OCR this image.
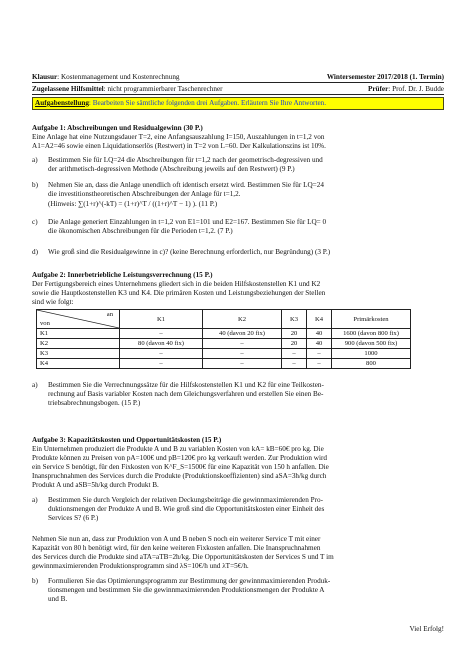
Klausur: Kostenmanagement und Kostenrechnung	Wintersemester 2017/2018 (1. Termin)
Zugelassene Hilfsmittel: nicht programmierbarer Taschenrechner	Prüfer: Prof. Dr. J. Budde
Aufgabenstellung: Bearbeiten Sie sämtliche folgenden drei Aufgaben. Erläutern Sie Ihre Antworten.
Aufgabe 1: Abschreibungen und Residualgewinn (30 P.)
Eine Anlage hat eine Nutzungsdauer T=2, eine Anfangsauszahlung I=150, Auszahlungen in t=1,2 von
A1=A2=46 sowie einen Liquidationserlös (Restwert) in T=2 von L=60. Der Kalkulationszins ist 10%.
a) Bestimmen Sie für LQ=24 die Abschreibungen für t=1,2 nach der geometrisch-degressiven und
der arithmetisch-degressiven Methode (Abschreibung jeweils auf den Restwert) (9 P.)
b) Nehmen Sie an, dass die Anlage unendlich oft identisch ersetzt wird. Bestimmen Sie für LQ=24
die investitionstheoretischen Abschreibungen der Anlage für t=1,2.
(Hinweis: ∑(1+r)^(-kT) = (1+r)^T / ((1+r)^T − 1) ). (11 P.)
c) Die Anlage generiert Einzahlungen in t=1,2 von E1=101 und E2=167. Bestimmen Sie für LQ= 0
die ökonomischen Abschreibungen für die Perioden t=1,2. (7 P.)
d) Wie groß sind die Residualgewinne in c)? (keine Berechnung erforderlich, nur Begründung) (3 P.)
Aufgabe 2: Innerbetriebliche Leistungsverrechnung (15 P.)
Der Fertigungsbereich eines Unternehmens gliedert sich in die beiden Hilfskostenstellen K1 und K2
sowie die Hauptkostenstellen K3 und K4. Die primären Kosten und Leistungsbeziehungen der Stellen
sind wie folgt:
an
von	K1	K2	K3	K4	Primärkosten
K1	–	40 (davon 20 fix)	20	40	1600 (davon 800 fix)
K2	80 (davon 40 fix)	–	20	40	900 (davon 500 fix)
K3	–	–	–	–	1000
K4	–	–	–	–	800
a) Bestimmen Sie die Verrechnungssätze für die Hilfskostenstellen K1 und K2 für eine Teilkosten-
rechnung auf Basis variabler Kosten nach dem Gleichungsverfahren und erstellen Sie einen Be-
triebsabrechnungsbogen. (15 P.)
Aufgabe 3: Kapazitätskosten und Opportunitätskosten (15 P.)
Ein Unternehmen produziert die Produkte A und B zu variablen Kosten von kA= kB=60€ pro kg. Die
Produkte können zu Preisen von pA=100€ und pB=120€ pro kg verkauft werden. Zur Produktion wird
ein Service S benötigt, für den Fixkosten von K^F_S=1500€ für eine Kapazität von 150 h anfallen. Die
Inanspruchnahmen des Services durch die Produkte (Produktionskoeffizienten) sind aSA=3h/kg durch
Produkt A und aSB=5h/kg durch Produkt B.
a) Bestimmen Sie durch Vergleich der relativen Deckungsbeiträge die gewinnmaximierenden Pro-
duktionsmengen der Produkte A und B. Wie groß sind die Opportunitätskosten einer Einheit des
Services S? (6 P.)
Nehmen Sie nun an, dass zur Produktion von A und B neben S noch ein weiterer Service T mit einer
Kapazität von 80 h benötigt wird, für den keine weiteren Fixkosten anfallen. Die Inanspruchnahmen
des Services durch die Produkte sind aTA=aTB=2h/kg. Die Opportunitätskosten der Services S und T im
gewinnmaximierenden Produktionsprogramm sind λS=10€/h und λT=5€/h.
b) Formulieren Sie das Optimierungsprogramm zur Bestimmung der gewinnmaximierenden Produk-
tionsmengen und bestimmen Sie die gewinnmaximierenden Produktionsmengen der Produkte A
und B.
Viel Erfolg!
